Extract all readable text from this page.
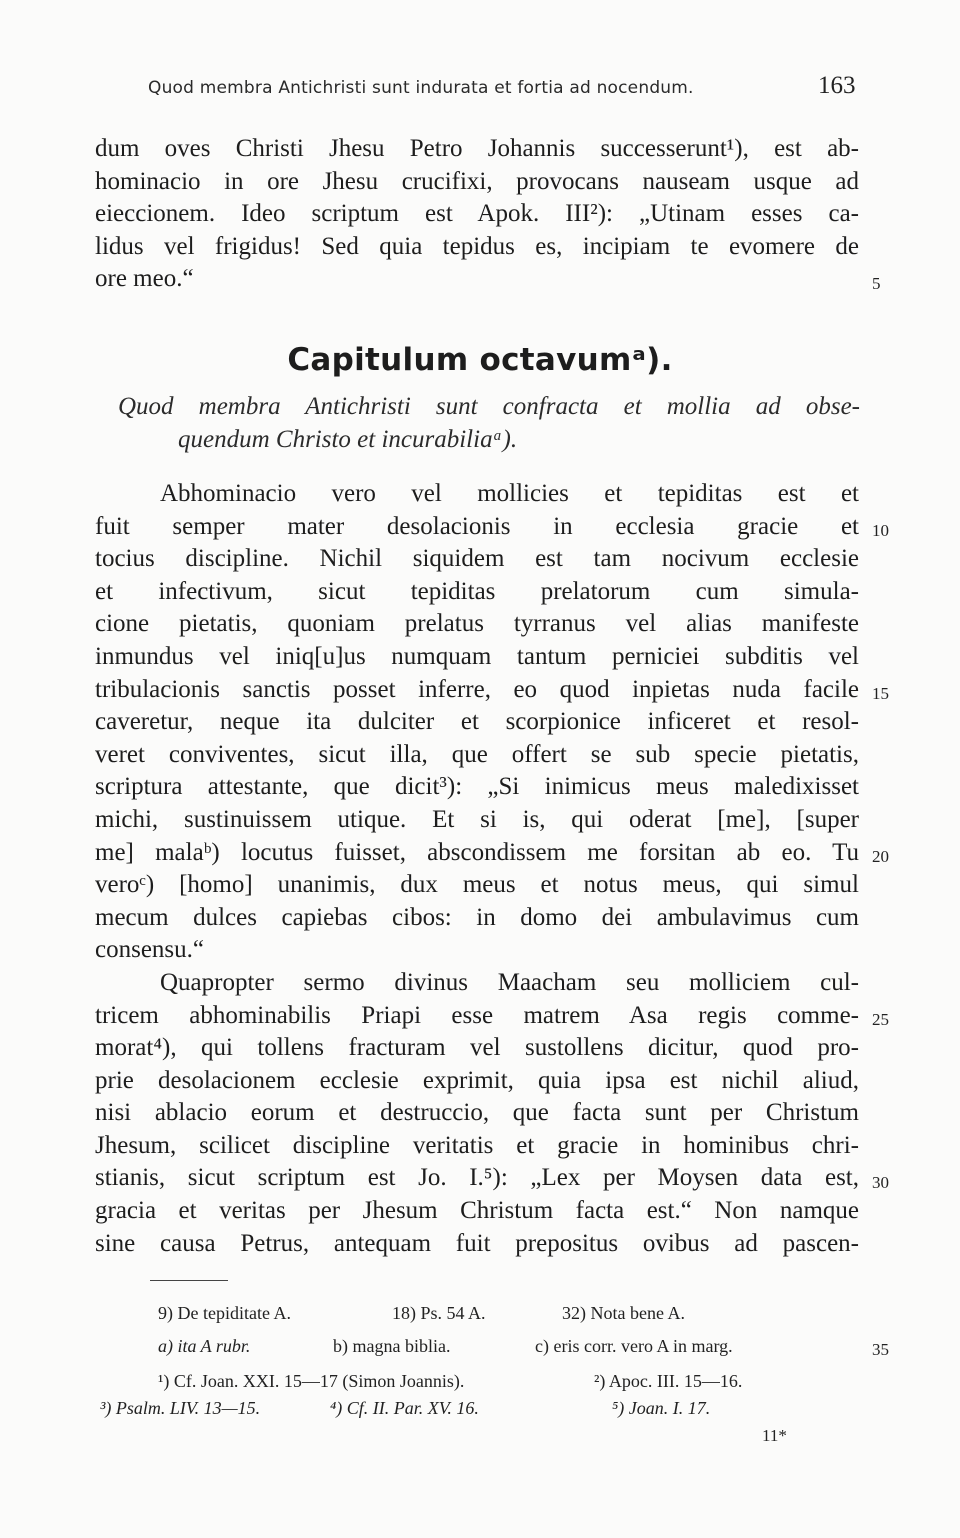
Quod membra Antichristi sunt indurata et fortia ad nocendum.	163
dum oves Christi Jhesu Petro Johannis successerunt¹), est ab-
hominacio in ore Jhesu crucifixi, provocans nauseam usque ad
eieccionem. Ideo scriptum est Apok. III²): „Utinam esses ca-
lidus vel frigidus! Sed quia tepidus es, incipiam te evomere de
ore meo.“
Capitulum octavumᵃ).
Quod membra Antichristi sunt confracta et mollia ad obse-
quendum Christo et incurabiliaᵃ).
Abhominacio vero vel mollicies et tepiditas est et
fuit semper mater desolacionis in ecclesia gracie et
tocius discipline. Nichil siquidem est tam nocivum ecclesie
et infectivum, sicut tepiditas prelatorum cum simula-
cione pietatis, quoniam prelatus tyrranus vel alias manifeste
inmundus vel iniq[u]us numquam tantum perniciei subditis vel
tribulacionis sanctis posset inferre, eo quod inpietas nuda facile
caveretur, neque ita dulciter et scorpionice inficeret et resol-
veret conviventes, sicut illa, que offert se sub specie pietatis,
scriptura attestante, que dicit³): „Si inimicus meus maledixisset
michi, sustinuissem utique. Et si is, qui oderat [me], [super
me] malaᵇ) locutus fuisset, abscondissem me forsitan ab eo. Tu
veroᶜ) [homo] unanimis, dux meus et notus meus, qui simul
mecum dulces capiebas cibos: in domo dei ambulavimus cum
consensu.“
Quapropter sermo divinus Maacham seu molliciem cul-
tricem abhominabilis Priapi esse matrem Asa regis comme-
morat⁴), qui tollens fracturam vel sustollens dicitur, quod pro-
prie desolacionem ecclesie exprimit, quia ipsa est nichil aliud,
nisi ablacio eorum et destruccio, que facta sunt per Christum
Jhesum, scilicet discipline veritatis et gracie in hominibus chri-
stianis, sicut scriptum est Jo. I.⁵): „Lex per Moysen data est,
gracia et veritas per Jhesum Christum facta est.“ Non namque
sine causa Petrus, antequam fuit prepositus ovibus ad pascen-
5
10
15
20
25
30
35
9) De tepiditate A.	18) Ps. 54 A.	32) Nota bene A.
a) ita A rubr.	b) magna biblia.	c) eris corr. vero A in marg.
¹) Cf. Joan. XXI. 15—17 (Simon Joannis).	²) Apoc. III. 15—16.
³) Psalm. LIV. 13—15.	⁴) Cf. II. Par. XV. 16.	⁵) Joan. I. 17.
11*
